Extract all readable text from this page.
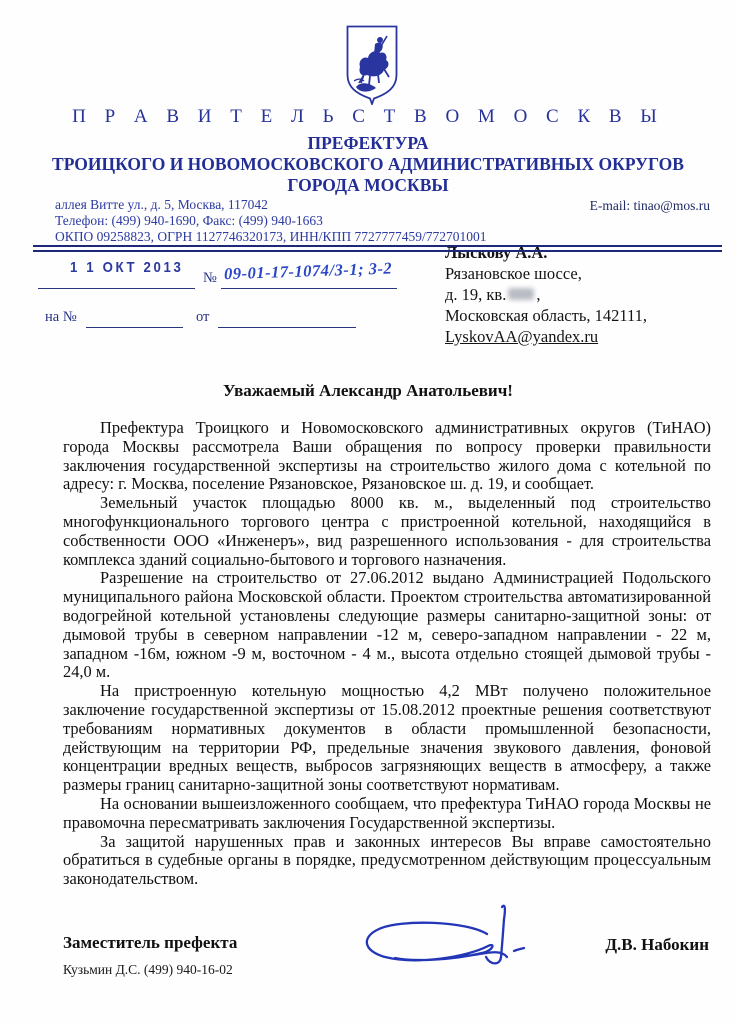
П Р А В И Т Е Л Ь С Т В О М О С К В Ы
ПРЕФЕКТУРА
ТРОИЦКОГО И НОВОМОСКОВСКОГО АДМИНИСТРАТИВНЫХ ОКРУГОВ
ГОРОДА МОСКВЫ
аллея Витте ул., д. 5, Москва, 117042
Телефон: (499) 940-1690, Факс: (499) 940-1663
ОКПО 09258823, ОГРН 1127746320173, ИНН/КПП 7727777459/772701001
E-mail: tinao@mos.ru
1 1 ОКТ 2013
№ 09-01-17-1074/3-1; 3-2
на №	от
Лыскову А.А.
Рязановское шоссе,
д. 19, кв. ,
Московская область, 142111,
LyskovAA@yandex.ru
Уважаемый Александр Анатольевич!

Префектура Троицкого и Новомосковского административных округов (ТиНАО) города Москвы рассмотрела Ваши обращения по вопросу проверки правильности заключения государственной экспертизы на строительство жилого дома с котельной по адресу: г. Москва, поселение Рязановское, Рязановское ш. д. 19, и сообщает.

Земельный участок площадью 8000 кв. м., выделенный под строительство многофункционального торгового центра с пристроенной котельной, находящийся в собственности ООО «Инженеръ», вид разрешенного использования - для строительства комплекса зданий социально-бытового и торгового назначения.

Разрешение на строительство от 27.06.2012 выдано Администрацией Подольского муниципального района Московской области. Проектом строительства автоматизированной водогрейной котельной установлены следующие размеры санитарно-защитной зоны: от дымовой трубы в северном направлении -12 м, северо-западном направлении - 22 м, западном -16м, южном -9 м, восточном - 4 м., высота отдельно стоящей дымовой трубы - 24,0 м.

На пристроенную котельную мощностью 4,2 МВт получено положительное заключение государственной экспертизы от 15.08.2012 проектные решения соответствуют требованиям нормативных документов в области промышленной безопасности, действующим на территории РФ, предельные значения звукового давления, фоновой концентрации вредных веществ, выбросов загрязняющих веществ в атмосферу, а также размеры границ санитарно-защитной зоны соответствуют нормативам.

На основании вышеизложенного сообщаем, что префектура ТиНАО города Москвы не правомочна пересматривать заключения Государственной экспертизы.

За защитой нарушенных прав и законных интересов Вы вправе самостоятельно обратиться в судебные органы в порядке, предусмотренном действующим процессуальным законодательством.

Заместитель префекта	Д.В. Набокин
Кузьмин Д.С. (499) 940-16-02
